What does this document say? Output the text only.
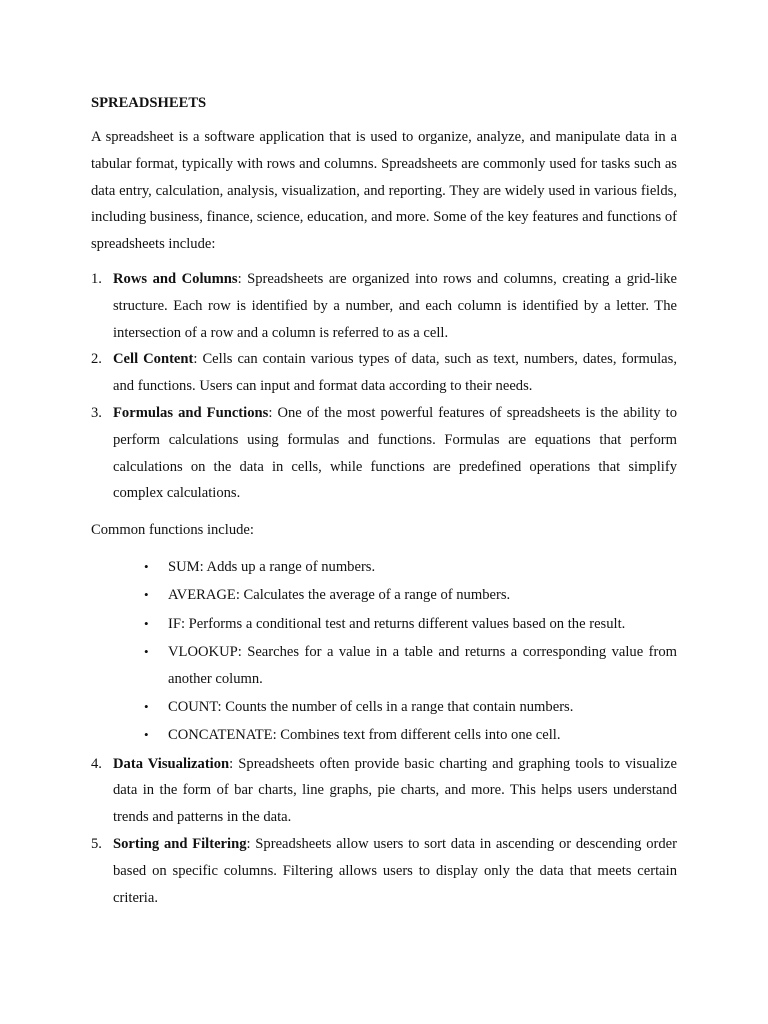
SPREADSHEETS

A spreadsheet is a software application that is used to organize, analyze, and manipulate data in a tabular format, typically with rows and columns. Spreadsheets are commonly used for tasks such as data entry, calculation, analysis, visualization, and reporting. They are widely used in various fields, including business, finance, science, education, and more. Some of the key features and functions of spreadsheets include:

1. Rows and Columns: Spreadsheets are organized into rows and columns, creating a grid-like structure. Each row is identified by a number, and each column is identified by a letter. The intersection of a row and a column is referred to as a cell.
2. Cell Content: Cells can contain various types of data, such as text, numbers, dates, formulas, and functions. Users can input and format data according to their needs.
3. Formulas and Functions: One of the most powerful features of spreadsheets is the ability to perform calculations using formulas and functions. Formulas are equations that perform calculations on the data in cells, while functions are predefined operations that simplify complex calculations.

Common functions include:

• SUM: Adds up a range of numbers.
• AVERAGE: Calculates the average of a range of numbers.
• IF: Performs a conditional test and returns different values based on the result.
• VLOOKUP: Searches for a value in a table and returns a corresponding value from another column.
• COUNT: Counts the number of cells in a range that contain numbers.
• CONCATENATE: Combines text from different cells into one cell.
4. Data Visualization: Spreadsheets often provide basic charting and graphing tools to visualize data in the form of bar charts, line graphs, pie charts, and more. This helps users understand trends and patterns in the data.
5. Sorting and Filtering: Spreadsheets allow users to sort data in ascending or descending order based on specific columns. Filtering allows users to display only the data that meets certain criteria.
